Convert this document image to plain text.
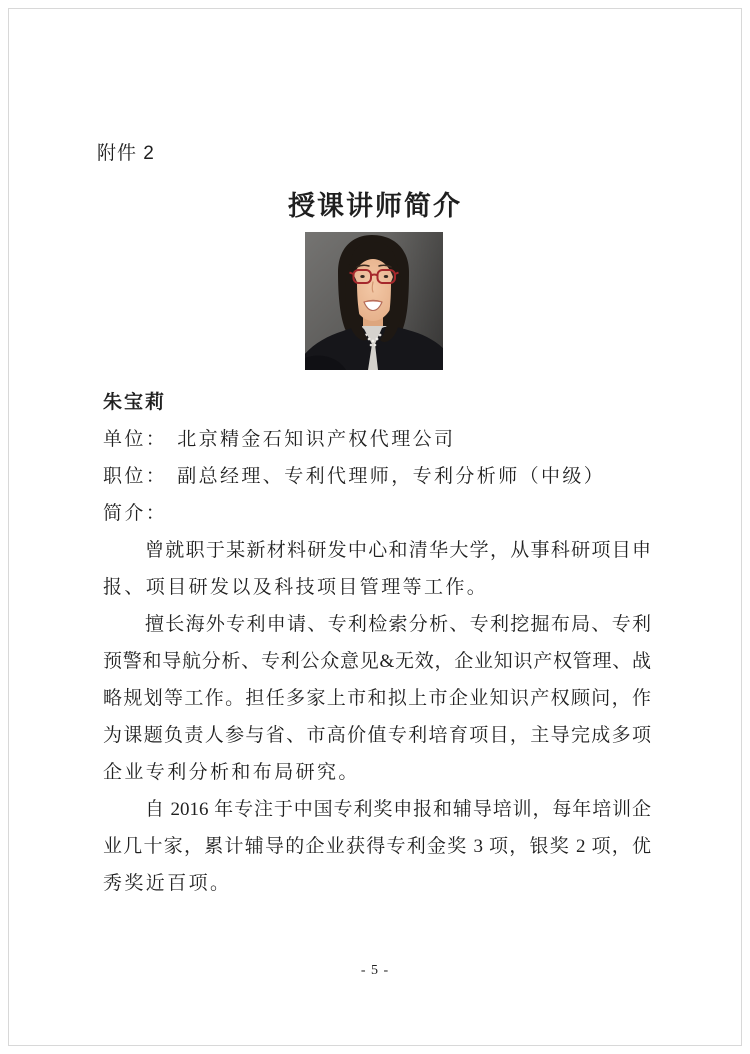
附件 2
授课讲师简介
朱宝莉
单位： 北京精金石知识产权代理公司
职位： 副总经理、专利代理师，专利分析师（中级）
简介：
曾就职于某新材料研发中心和清华大学，从事科研项目申
报、项目研发以及科技项目管理等工作。
擅长海外专利申请、专利检索分析、专利挖掘布局、专利
预警和导航分析、专利公众意见&无效，企业知识产权管理、战
略规划等工作。担任多家上市和拟上市企业知识产权顾问，作
为课题负责人参与省、市高价值专利培育项目，主导完成多项
企业专利分析和布局研究。
自 2016 年专注于中国专利奖申报和辅导培训，每年培训企
业几十家，累计辅导的企业获得专利金奖 3 项，银奖 2 项，优
秀奖近百项。
- 5 -
